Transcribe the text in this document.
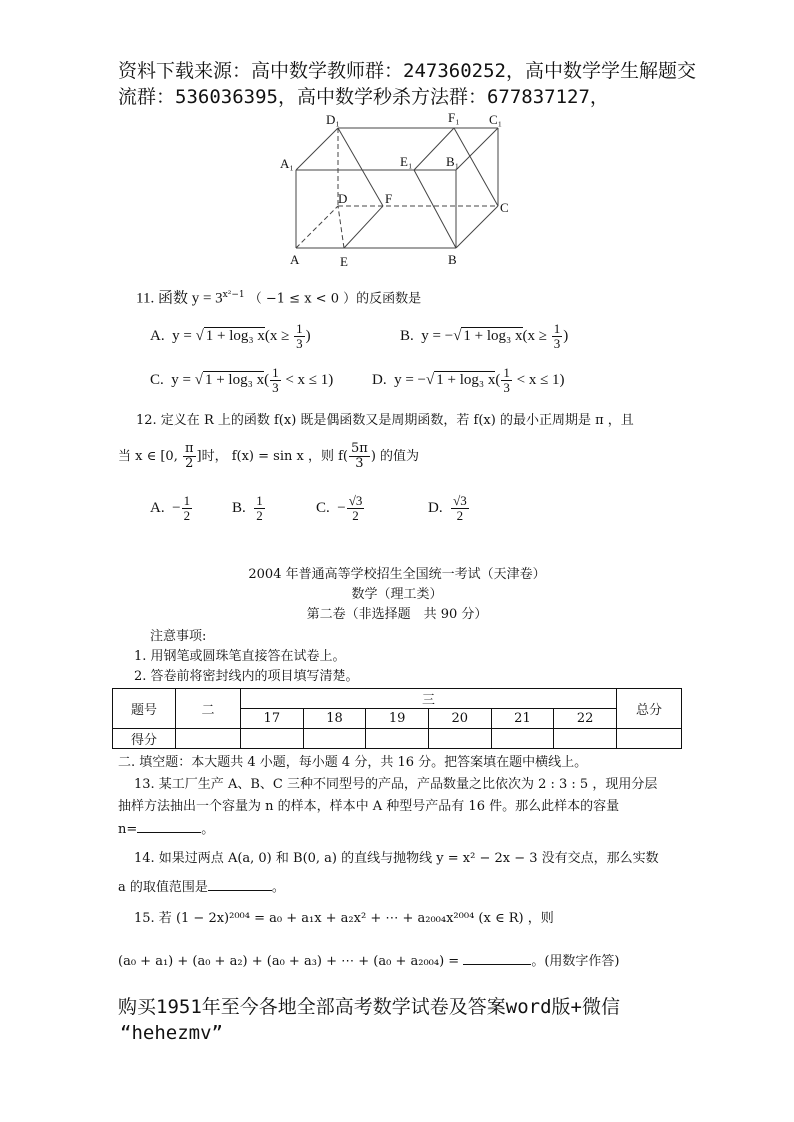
资料下载来源：高中数学教师群：247360252，高中数学学生解题交
流群：536036395，高中数学秒杀方法群：677837127，
D₁	F₁ C₁
A₁	E₁	B₁
D	F
C
A	E	B
11. 函数 $y = 3^{x^2-1}$ （ −1 ≤ x < 0 ）的反函数是
A. y = √ 1 + log₃ $x(x \ge \frac{1}{3}$ )	B. y = −√ 1 + log₃ $x(x \ge \frac{1}{3}$ )
C. y = √ 1 + log₃ $x( \frac{1}{3} < x \le 1)$	D. y = −√ 1 + log₃ $x( \frac{1}{3} < x \le 1)$
12. 定义在 R 上的函数 f(x) 既是偶函数又是周期函数，若 f(x) 的最小正周期是 π ，且
当 x ∈ [0, $\frac{\pi}{2}$ ]时， f(x) = sin x ，则 $f( \frac{5\pi}{3}$ ) 的值为
A. − $\frac{1}{2}$	B. $\frac{1}{2}$	C. − $\frac{√3}{2}$	D. $\frac{√3}{2}$
2004 年普通高等学校招生全国统一考试（天津卷）
数学（理工类）
第二卷（非选择题　共 90 分）
注意事项:
1. 用钢笔或圆珠笔直接答在试卷上。
2. 答卷前将密封线内的项目填写清楚。
题号	二	三						总分
		17	18	19	20	21	22	
得分								
二. 填空题：本大题共 4 小题，每小题 4 分，共 16 分。把答案填在题中横线上。
13. 某工厂生产 A、B、C 三种不同型号的产品，产品数量之比依次为 2 : 3 : 5 ，现用分层
抽样方法抽出一个容量为 n 的样本，样本中 A 种型号产品有 16 件。那么此样本的容量
n=	。
14. 如果过两点 A(a, 0) 和 B(0, a) 的直线与抛物线 y = x² − 2x − 3 没有交点，那么实数
a 的取值范围是	。
15. 若 (1 − 2x)²⁰⁰⁴ = a₀ + a₁x + a₂x² + ⋯ + a₂₀₀₄x²⁰⁰⁴ (x ∈ R) ，则
(a₀ + a₁) + (a₀ + a₂) + (a₀ + a₃) + ⋯ + (a₀ + a₂₀₀₄) =	。(用数字作答)
购买1951年至今各地全部高考数学试卷及答案word版+微信
“hehezmv”
